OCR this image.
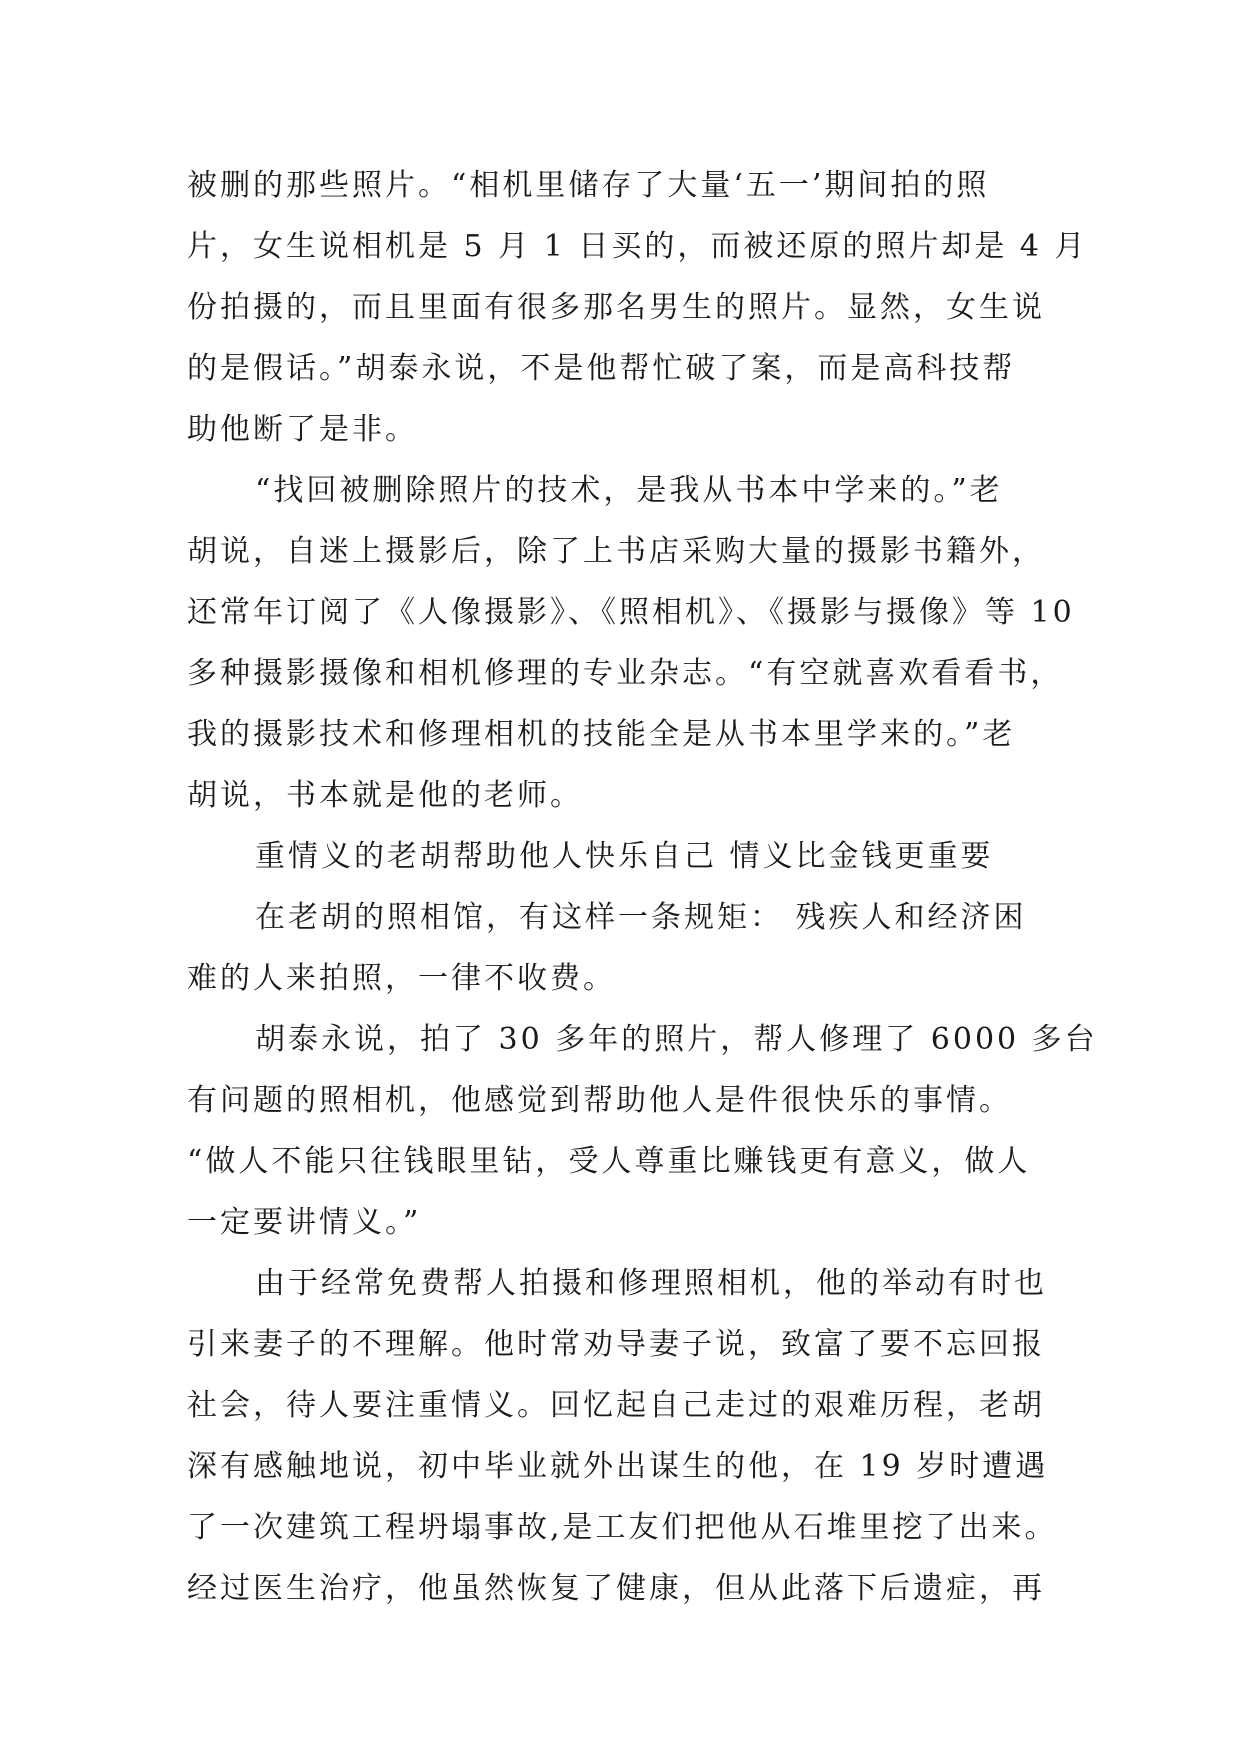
被删的那些照片。“相机里储存了大量‘五一’期间拍的照
片，女生说相机是 5 月 1 日买的，而被还原的照片却是 4 月
份拍摄的，而且里面有很多那名男生的照片。显然，女生说
的是假话。”胡泰永说，不是他帮忙破了案，而是高科技帮
助他断了是非。
“找回被删除照片的技术，是我从书本中学来的。”老
胡说，自迷上摄影后，除了上书店采购大量的摄影书籍外，
还常年订阅了《人像摄影》、《照相机》、《摄影与摄像》等 10
多种摄影摄像和相机修理的专业杂志。“有空就喜欢看看书，
我的摄影技术和修理相机的技能全是从书本里学来的。”老
胡说，书本就是他的老师。
重情义的老胡帮助他人快乐自己 情义比金钱更重要
在老胡的照相馆，有这样一条规矩： 残疾人和经济困
难的人来拍照，一律不收费。
胡泰永说，拍了 30 多年的照片，帮人修理了 6000 多台
有问题的照相机，他感觉到帮助他人是件很快乐的事情。
“做人不能只往钱眼里钻，受人尊重比赚钱更有意义，做人
一定要讲情义。”
由于经常免费帮人拍摄和修理照相机，他的举动有时也
引来妻子的不理解。他时常劝导妻子说，致富了要不忘回报
社会，待人要注重情义。回忆起自己走过的艰难历程，老胡
深有感触地说，初中毕业就外出谋生的他，在 19 岁时遭遇
了一次建筑工程坍塌事故,是工友们把他从石堆里挖了出来。
经过医生治疗，他虽然恢复了健康，但从此落下后遗症，再
